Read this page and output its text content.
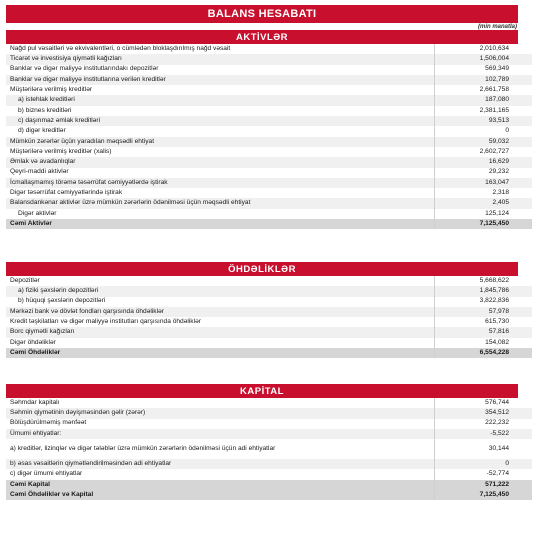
BALANS HESABATI
(min manatla)
AKTİVLƏR
Nağd pul vəsaitləri və ekvivalentləri, o cümlədən bloklaşdırılmış nağd vəsait	2,010,634
Ticarət və investisiya qiymətli kağızları	1,506,004
Banklar və digər maliyyə institutlarındakı depozitlər	569,349
Banklar və digər maliyyə institutlarına verilən kreditlər	102,789
Müştərilərə verilmiş kreditlər	2,661,758
a) istehlak kreditləri	187,080
b) biznes kreditləri	2,381,165
c) daşınmaz əmlak kreditləri	93,513
d) digər kreditlər	0
Mümkün zərərlər üçün yaradılan məqsədli ehtiyat	59,032
Müştərilərə verilmiş kreditlər (xalis)	2,602,727
Əmlak və avadanlıqlar	16,629
Qeyri-maddi aktivlər	29,232
İcmallaşmamış törəmə təsərrüfat cəmiyyətlərdə iştirak	163,047
Digər təsərrüfat cəmiyyətlərində iştirak	2,318
Balansdankənar aktivlər üzrə mümkün zərərlərin ödənilməsi üçün məqsədli ehtiyat	2,405
Digər aktivlər	125,124
Cəmi Aktivlər	7,125,450
ÖHDƏLİKLƏR
Depozitlər	5,668,622
a) fiziki şəxslərin depozitləri	1,845,786
b) hüquqi şəxslərin depozitləri	3,822,836
Mərkəzi bank və dövlət fondları qarşısında öhdəliklər	57,978
Kredit təşkilatları və digər maliyyə institutları qarşısında öhdəliklər	615,730
Borc qiymətli kağızları	57,816
Digər öhdəliklər	154,082
Cəmi Öhdəliklər	6,554,228
KAPİTAL
Səhmdar kapitalı	576,744
Səhmin qiymətinin dəyişməsindən gəlir (zərər)	354,512
Bölüşdürülməmiş mənfəət	222,232
Ümumi ehtiyatlar:	-5,522
a) kreditlər, lizinqlər və digər tələblər üzrə mümkün zərərlərin ödənilməsi üçün adi ehtiyatlar	30,144
b) əsas vəsaitlərin qiymətləndirilməsindən adi ehtiyatlar	0
c) digər ümumi ehtiyatlar	-52,774
Cəmi Kapital	571,222
Cəmi Öhdəliklər və Kapital	7,125,450
